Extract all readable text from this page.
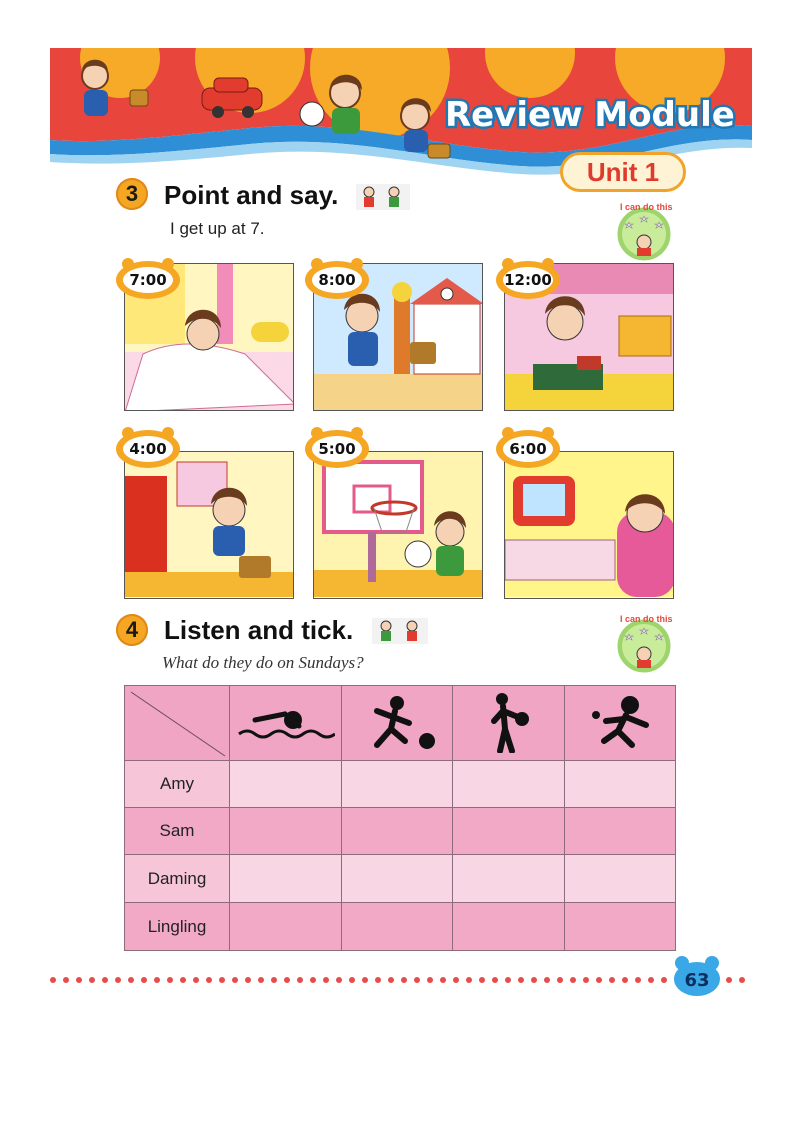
Review Module
Unit 1
3 Point and say.
I get up at 7.
I can do this
7:00	8:00	12:00
4:00	5:00	6:00
4 Listen and tick.
What do they do on Sundays?
I can do this

Amy				
Sam				
Daming				
Lingling				
63
